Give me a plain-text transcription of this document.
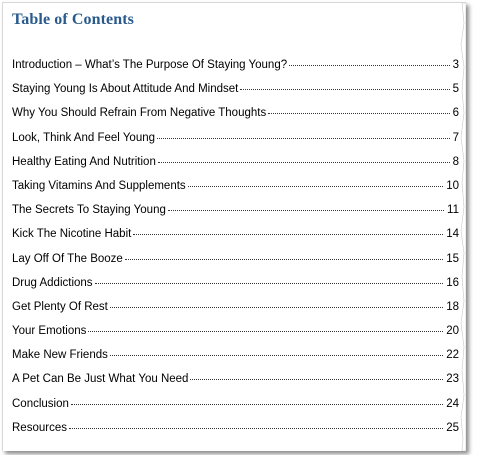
Table of Contents
Introduction – What’s The Purpose Of Staying Young?	3
Staying Young Is About Attitude And Mindset	5
Why You Should Refrain From Negative Thoughts	6
Look, Think And Feel Young	7
Healthy Eating And Nutrition	8
Taking Vitamins And Supplements	10
The Secrets To Staying Young	11
Kick The Nicotine Habit	14
Lay Off Of The Booze	15
Drug Addictions	16
Get Plenty Of Rest	18
Your Emotions	20
Make New Friends	22
A Pet Can Be Just What You Need	23
Conclusion	24
Resources	25
